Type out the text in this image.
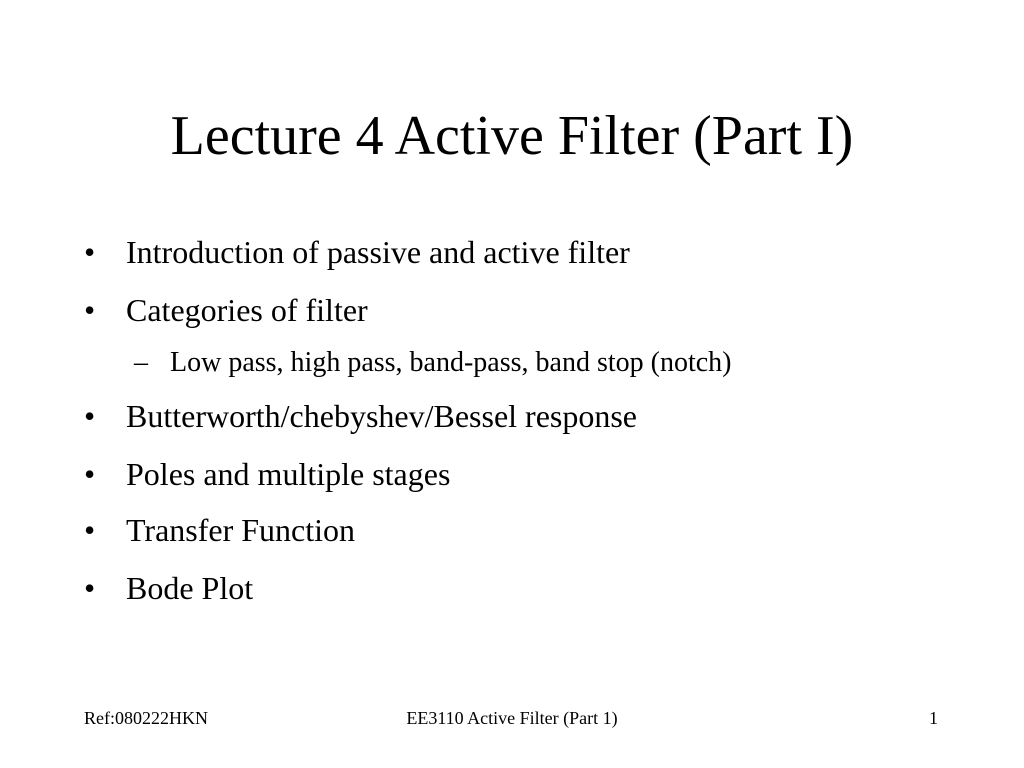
Lecture 4 Active Filter (Part I)
• Introduction of passive and active filter
• Categories of filter
– Low pass, high pass, band-pass, band stop (notch)
• Butterworth/chebyshev/Bessel response
• Poles and multiple stages
• Transfer Function
• Bode Plot
Ref:080222HKN	EE3110 Active Filter (Part 1)	1
